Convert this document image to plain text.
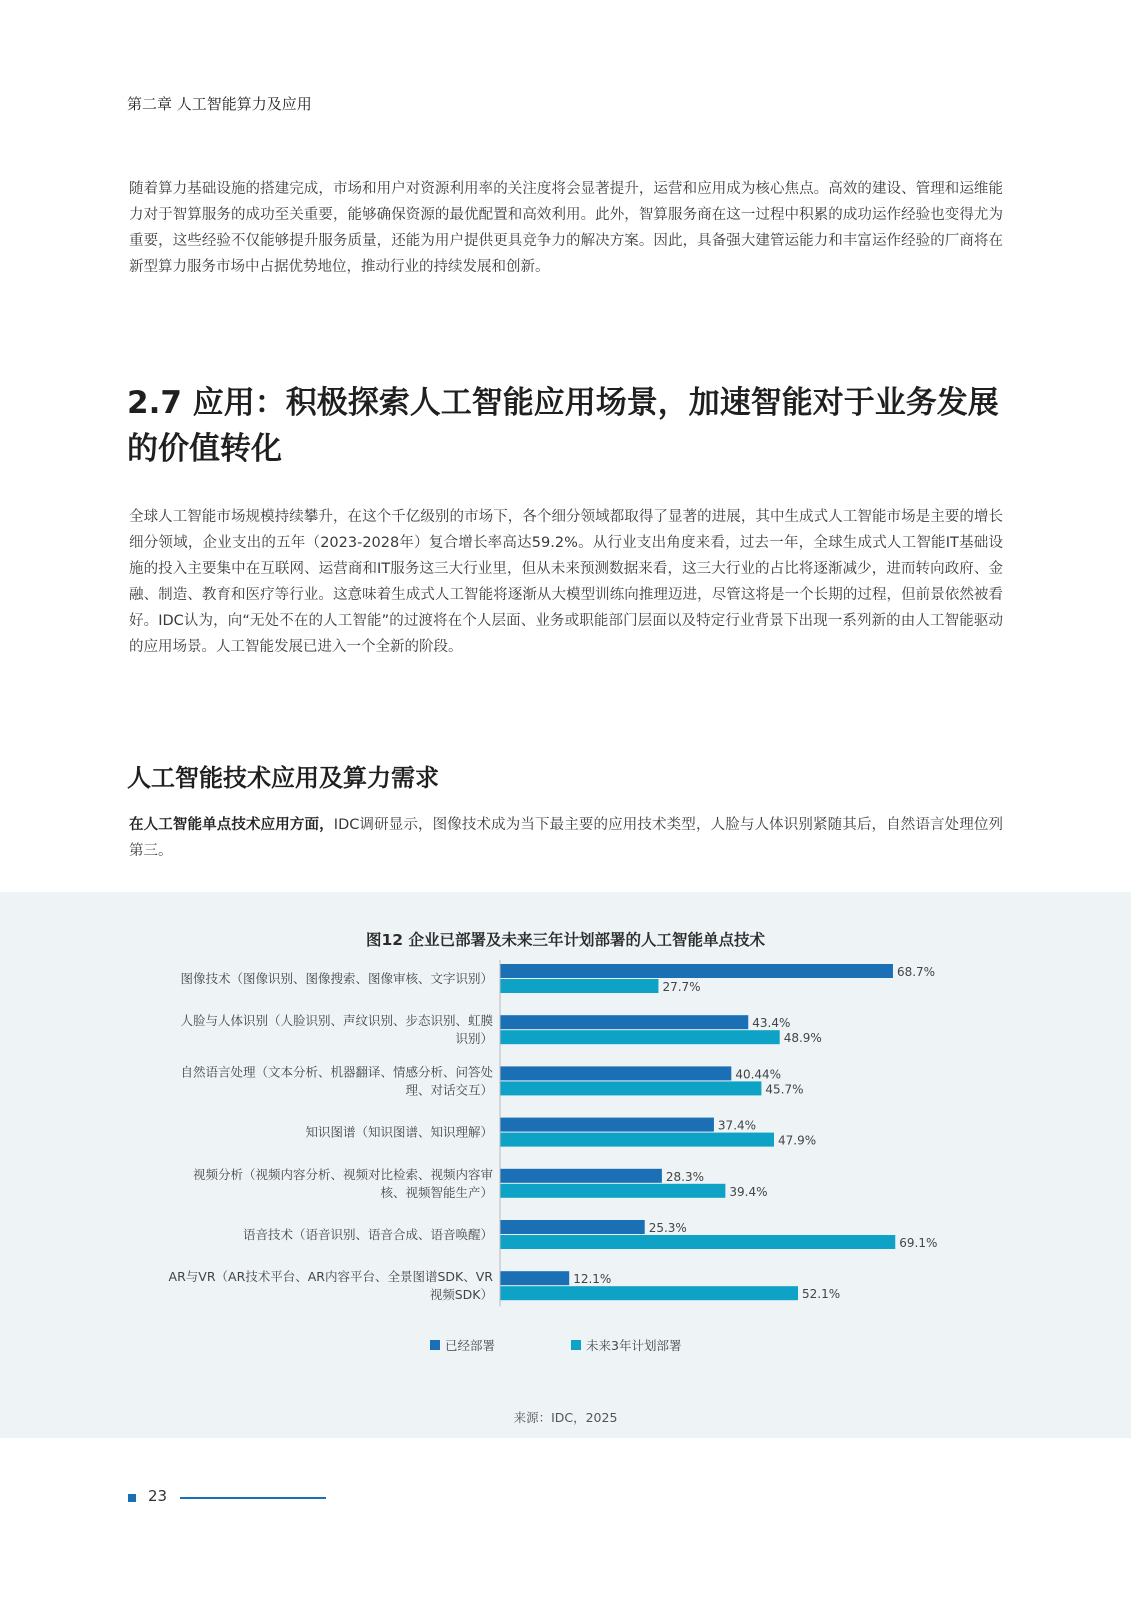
第二章 人工智能算力及应用

随着算力基础设施的搭建完成，市场和用户对资源利用率的关注度将会显著提升，运营和应用成为核心焦点。高效的建设、管理和运维能力对于智算服务的成功至关重要，能够确保资源的最优配置和高效利用。此外，智算服务商在这一过程中积累的成功运作经验也变得尤为重要，这些经验不仅能够提升服务质量，还能为用户提供更具竞争力的解决方案。因此，具备强大建管运能力和丰富运作经验的厂商将在新型算力服务市场中占据优势地位，推动行业的持续发展和创新。

2.7 应用：积极探索人工智能应用场景，加速智能对于业务发展的价值转化

全球人工智能市场规模持续攀升，在这个千亿级别的市场下，各个细分领域都取得了显著的进展，其中生成式人工智能市场是主要的增长细分领域，企业支出的五年（2023-2028年）复合增长率高达59.2%。从行业支出角度来看，过去一年，全球生成式人工智能IT基础设施的投入主要集中在互联网、运营商和IT服务这三大行业里，但从未来预测数据来看，这三大行业的占比将逐渐减少，进而转向政府、金融、制造、教育和医疗等行业。这意味着生成式人工智能将逐渐从大模型训练向推理迈进，尽管这将是一个长期的过程，但前景依然被看好。IDC认为，向“无处不在的人工智能”的过渡将在个人层面、业务或职能部门层面以及特定行业背景下出现一系列新的由人工智能驱动的应用场景。人工智能发展已进入一个全新的阶段。

人工智能技术应用及算力需求

在人工智能单点技术应用方面，IDC调研显示，图像技术成为当下最主要的应用技术类型，人脸与人体识别紧随其后，自然语言处理位列第三。

图12 企业已部署及未来三年计划部署的人工智能单点技术
图像技术（图像识别、图像搜索、图像审核、文字识别）	68.7%
27.7%
人脸与人体识别（人脸识别、声纹识别、步态识别、虹膜
识别）
43.4%
48.9%
自然语言处理（文本分析、机器翻译、情感分析、问答处
理、对话交互）
40.44%
45.7%
知识图谱（知识图谱、知识理解）	37.4%
47.9%
视频分析（视频内容分析、视频对比检索、视频内容审
核、视频智能生产）
28.3%
39.4%
语音技术（语音识别、语音合成、语音唤醒）	25.3%
69.1%
AR与VR（AR技术平台、AR内容平台、全景图谱SDK、VR
视频SDK）
12.1%
52.1%
已经部署	未来3年计划部署
来源：IDC，2025
23
